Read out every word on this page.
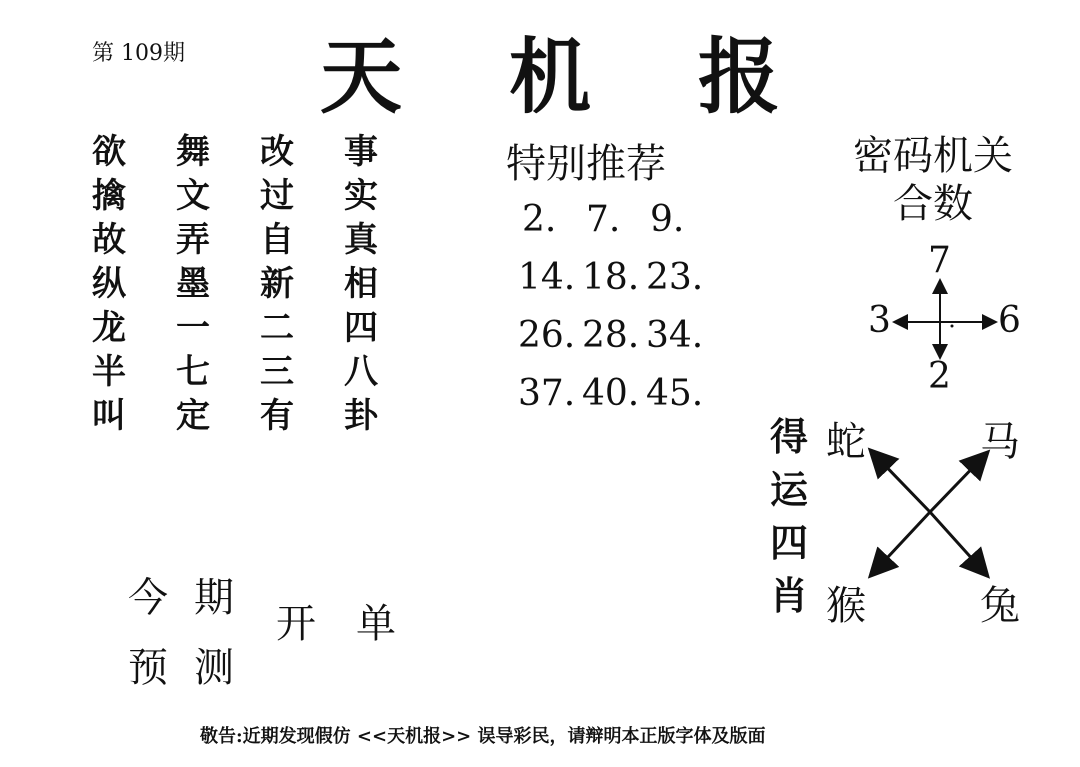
第 109期 天 机 报
欲	舞	改	事
擒	文	过	实
故	弄	自	真
纵	墨	新	相
龙	一	二	四
半	七	三	八
叫	定	有	卦
特别推荐
2. 7. 9.
14. 18. 23.
26. 28. 34.
37. 40. 45.
密码机关
合数
7
3	6
2
得
运
四
肖
蛇	马
猴	兔
今期
预测
开单
敬告:近期发现假仿 <<天机报>> 误导彩民，请辩明本正版字体及版面
